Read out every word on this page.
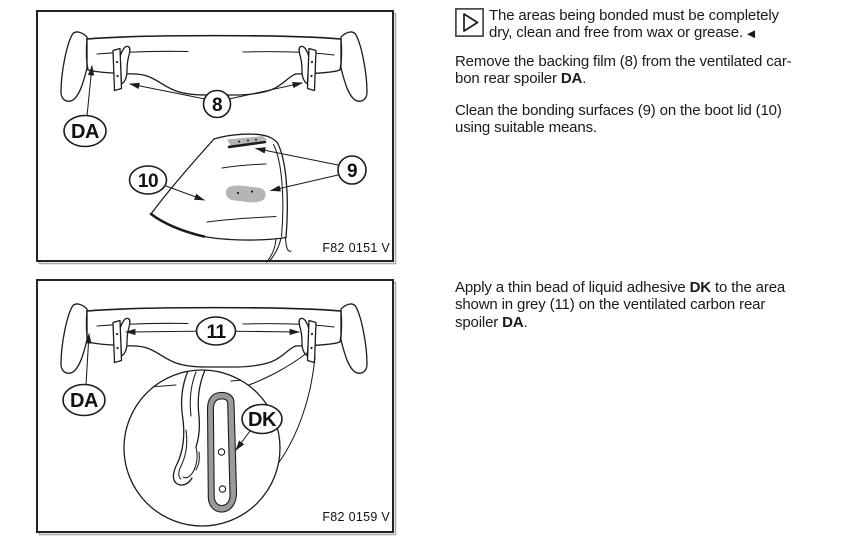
8
DA
10	9
F82 0151 V
DK
11
DA
F82 0159 V
The areas being bonded must be completely
dry, clean and free from wax or grease. ◀
Remove the backing film (8) from the ventilated car-
bon rear spoiler DA.
Clean the bonding surfaces (9) on the boot lid (10)
using suitable means.
Apply a thin bead of liquid adhesive DK to the area
shown in grey (11) on the ventilated carbon rear
spoiler DA.
